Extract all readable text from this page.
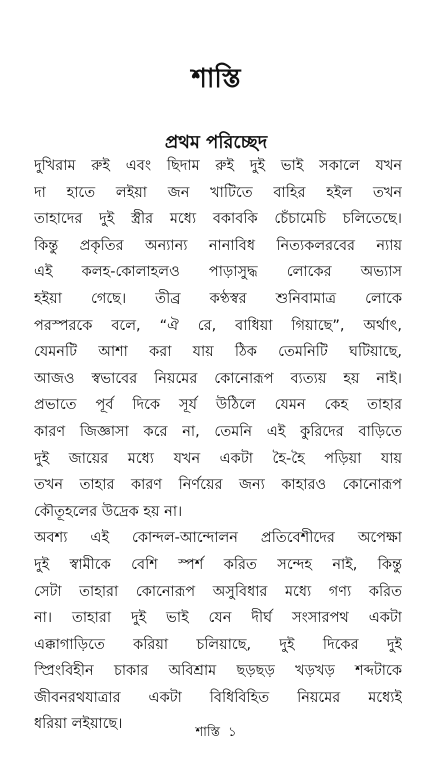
শাস্তি
প্রথম পরিচ্ছেদ
দুখিরাম রুই এবং ছিদাম রুই দুই ভাই সকালে যখন
দা হাতে লইয়া জন খাটিতে বাহির হইল তখন
তাহাদের দুই স্ত্রীর মধ্যে বকাবকি চেঁচামেচি চলিতেছে।
কিন্তু প্রকৃতির অন্যান্য নানাবিধ নিত্যকলরবের ন্যায়
এই কলহ-কোলাহলও পাড়াসুদ্ধ লোকের অভ্যাস
হইয়া গেছে। তীব্র কণ্ঠস্বর শুনিবামাত্র লোকে
পরস্পরকে বলে, “ঐ রে, বাধিয়া গিয়াছে”, অর্থাৎ,
যেমনটি আশা করা যায় ঠিক তেমনিটি ঘটিয়াছে,
আজও স্বভাবের নিয়মের কোনোরূপ ব্যত্যয় হয় নাই।
প্রভাতে পূর্ব দিকে সূর্য উঠিলে যেমন কেহ তাহার
কারণ জিজ্ঞাসা করে না, তেমনি এই কুরিদের বাড়িতে
দুই জায়ের মধ্যে যখন একটা হৈ-হৈ পড়িয়া যায়
তখন তাহার কারণ নির্ণয়ের জন্য কাহারও কোনোরূপ
কৌতূহলের উদ্রেক হয় না।
অবশ্য এই কোন্দল-আন্দোলন প্রতিবেশীদের অপেক্ষা
দুই স্বামীকে বেশি স্পর্শ করিত সন্দেহ নাই, কিন্তু
সেটা তাহারা কোনোরূপ অসুবিধার মধ্যে গণ্য করিত
না। তাহারা দুই ভাই যেন দীর্ঘ সংসারপথ একটা
এক্কাগাড়িতে করিয়া চলিয়াছে, দুই দিকের দুই
স্প্রিংবিহীন চাকার অবিশ্রাম ছড়ছড় খড়খড় শব্দটাকে
জীবনরথযাত্রার একটা বিধিবিহিত নিয়মের মধ্যেই
ধরিয়া লইয়াছে।
শাস্তি ১
